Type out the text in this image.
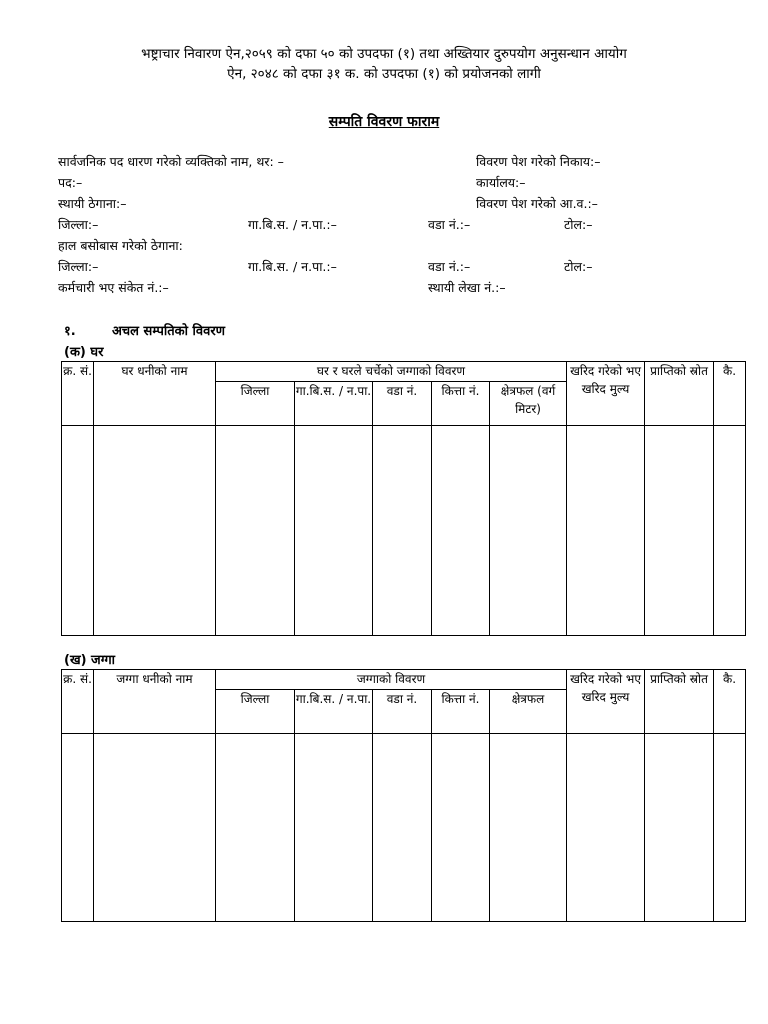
भष्ट्राचार निवारण ऐन,२०५९ को दफा ५० को उपदफा (१) तथा अख्तियार दुरुपयोग अनुसन्धान आयोग
ऐन, २०४८ को दफा ३१ क. को उपदफा (१) को प्रयोजनको लागी
सम्पति विवरण फाराम
सार्वजनिक पद धारण गरेको व्यक्तिको नाम, थर: –	विवरण पेश गरेको निकाय:–
पद:–	कार्यालय:–
स्थायी ठेगाना:–	विवरण पेश गरेको आ.व.:–
जिल्ला:–	गा.बि.स. / न.पा.:–	वडा नं.:–	टोल:–
हाल बसोबास गरेको ठेगाना:
जिल्ला:–	गा.बि.स. / न.पा.:–	वडा नं.:–	टोल:–
कर्मचारी भए संकेत नं.:–	स्थायी लेखा नं.:–
१.	अचल सम्पतिको विवरण
(क) घर
क्र. सं.	घर धनीको नाम	घर र घरले चर्चेको जग्गाको विवरण					खरिद गरेको भए खरिद मुल्य	प्राप्तिको स्रोत	कै.
		जिल्ला	गा.बि.स. / न.पा.	वडा नं.	कित्ता नं.	क्षेत्रफल (वर्ग मिटर)			

(ख) जग्गा
क्र. सं.	जग्गा धनीको नाम	जग्गाको विवरण					खरिद गरेको भए खरिद मुल्य	प्राप्तिको स्रोत	कै.
		जिल्ला	गा.बि.स. / न.पा.	वडा नं.	कित्ता नं.	क्षेत्रफल			
